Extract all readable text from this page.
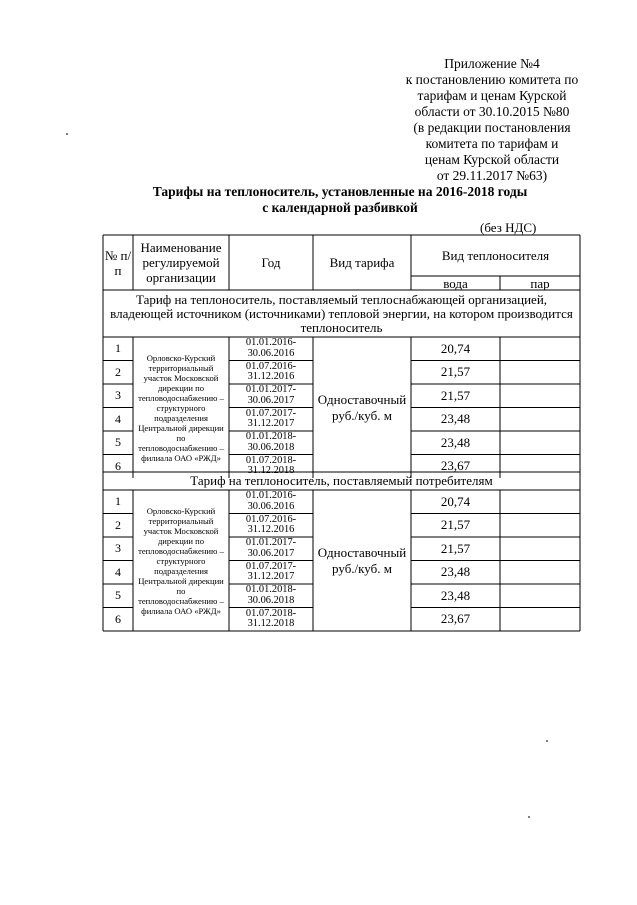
Приложение №4
к постановлению комитета по
тарифам и ценам Курской
области от 30.10.2015 №80
(в редакции постановления
комитета по тарифам и
ценам Курской области
от 29.11.2017 №63)
Тарифы на теплоноситель, установленные на 2016-2018 годы
с календарной разбивкой
(без НДС)
№ п/п
Наименование регулируемой организации
Год	Вид тарифа	Вид теплоносителя
вода	пар
Тариф на теплоноситель, поставляемый теплоснабжающей организацией, владеющей источником (источниками) тепловой энергии, на котором производится теплоноситель
Орловско-Курский территориальный участок Московской дирекции по тепловодоснабжению – структурного подразделения Центральной дирекции по тепловодоснабжению – филиала ОАО «РЖД»
Одноставочный руб./куб. м
1	01.01.2016-30.06.2016	20,74
2	01.07.2016-31.12.2016	21,57
3	01.01.2017-30.06.2017	21,57
4	01.07.2017-31.12.2017	23,48
5	01.01.2018-30.06.2018	23,48
6	01.07.2018-31.12.2018	23,67
Тариф на теплоноситель, поставляемый потребителям
Орловско-Курский территориальный участок Московской дирекции по тепловодоснабжению – структурного подразделения Центральной дирекции по тепловодоснабжению – филиала ОАО «РЖД»
Одноставочный руб./куб. м
1	01.01.2016-30.06.2016	20,74
2	01.07.2016-31.12.2016	21,57
3	01.01.2017-30.06.2017	21,57
4	01.07.2017-31.12.2017	23,48
5	01.01.2018-30.06.2018	23,48
6	01.07.2018-31.12.2018	23,67
